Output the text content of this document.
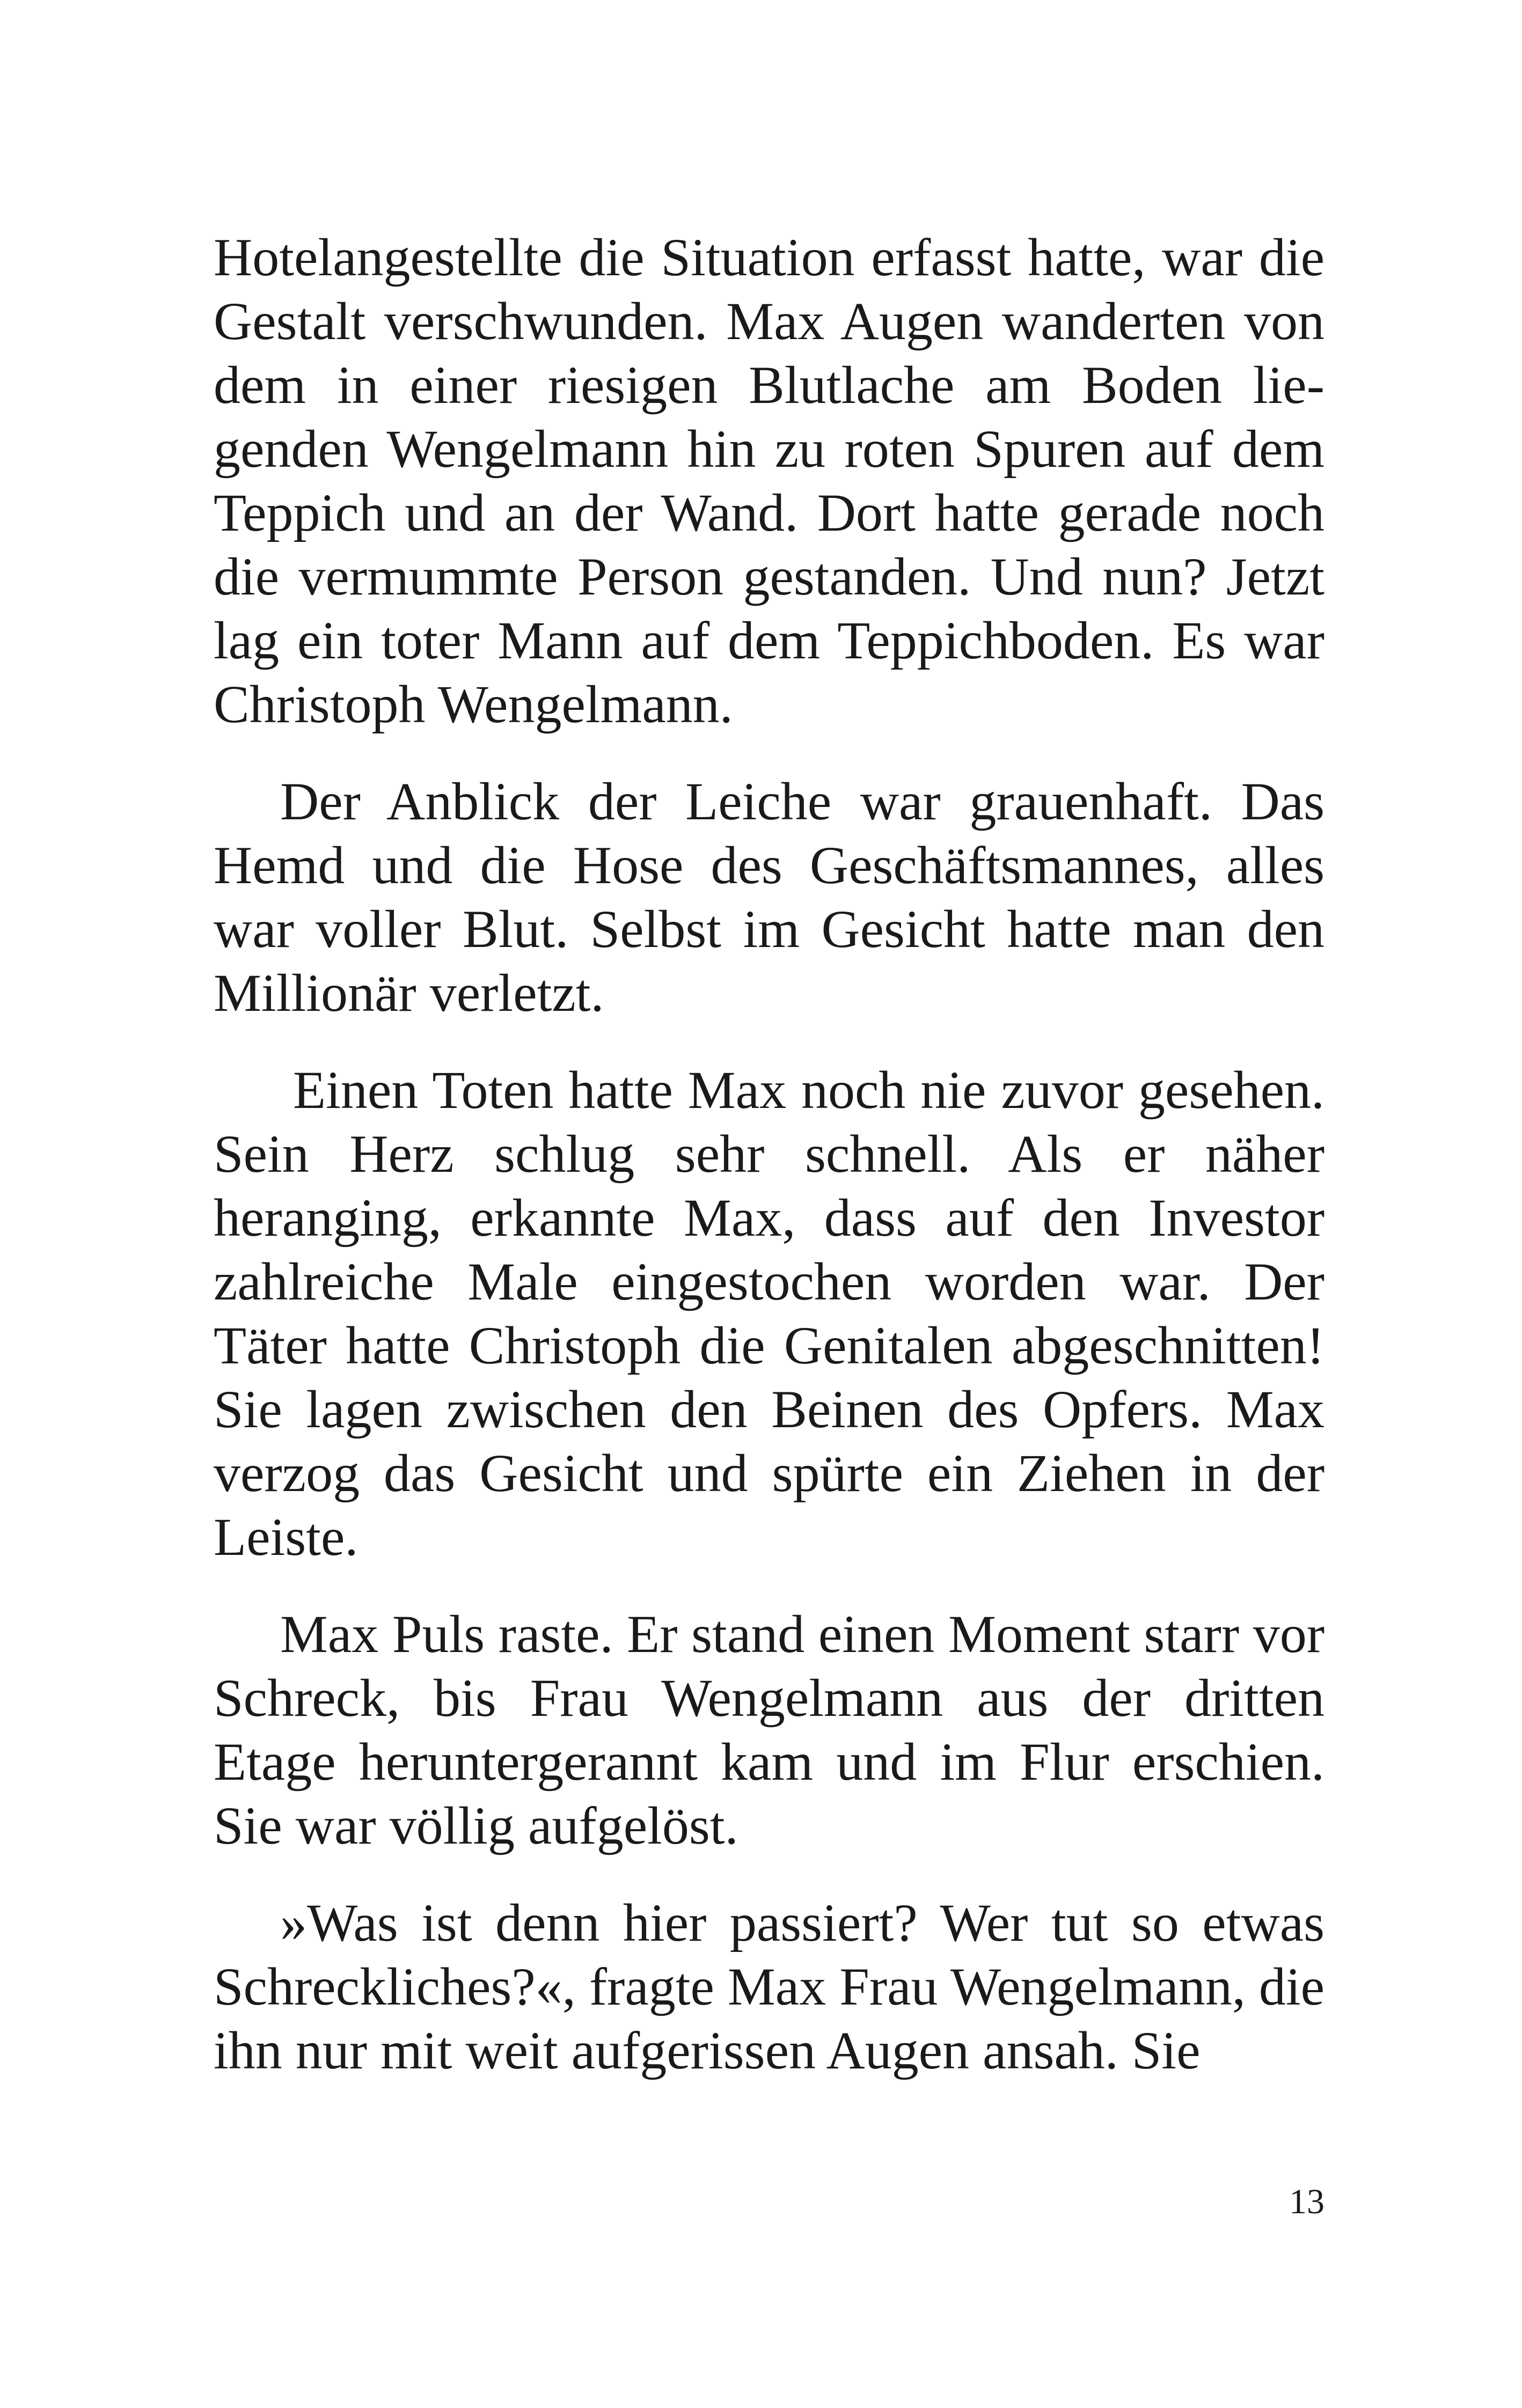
Hotelangestellte die Situation erfasst hatte, war die Gestalt verschwunden. Max Augen wanderten von dem in einer riesigen Blutlache am Boden liegenden Wengelmann hin zu roten Spuren auf dem Teppich und an der Wand. Dort hatte gerade noch die vermummte Person gestanden. Und nun? Jetzt lag ein toter Mann auf dem Teppichboden. Es war Christoph Wengelmann.

Der Anblick der Leiche war grauenhaft. Das Hemd und die Hose des Geschäftsmannes, alles war voller Blut. Selbst im Gesicht hatte man den Millionär verletzt.

Einen Toten hatte Max noch nie zuvor gesehen. Sein Herz schlug sehr schnell. Als er näher heranging, erkannte Max, dass auf den Investor zahlreiche Male eingestochen worden war. Der Täter hatte Christoph die Genitalen abgeschnitten! Sie lagen zwischen den Beinen des Opfers. Max verzog das Gesicht und spürte ein Ziehen in der Leiste.

Max Puls raste. Er stand einen Moment starr vor Schreck, bis Frau Wengelmann aus der dritten Etage heruntergerannt kam und im Flur erschien. Sie war völlig aufgelöst.

»Was ist denn hier passiert? Wer tut so etwas Schreckliches?«, fragte Max Frau Wengelmann, die ihn nur mit weit aufgerissen Augen ansah. Sie

13
